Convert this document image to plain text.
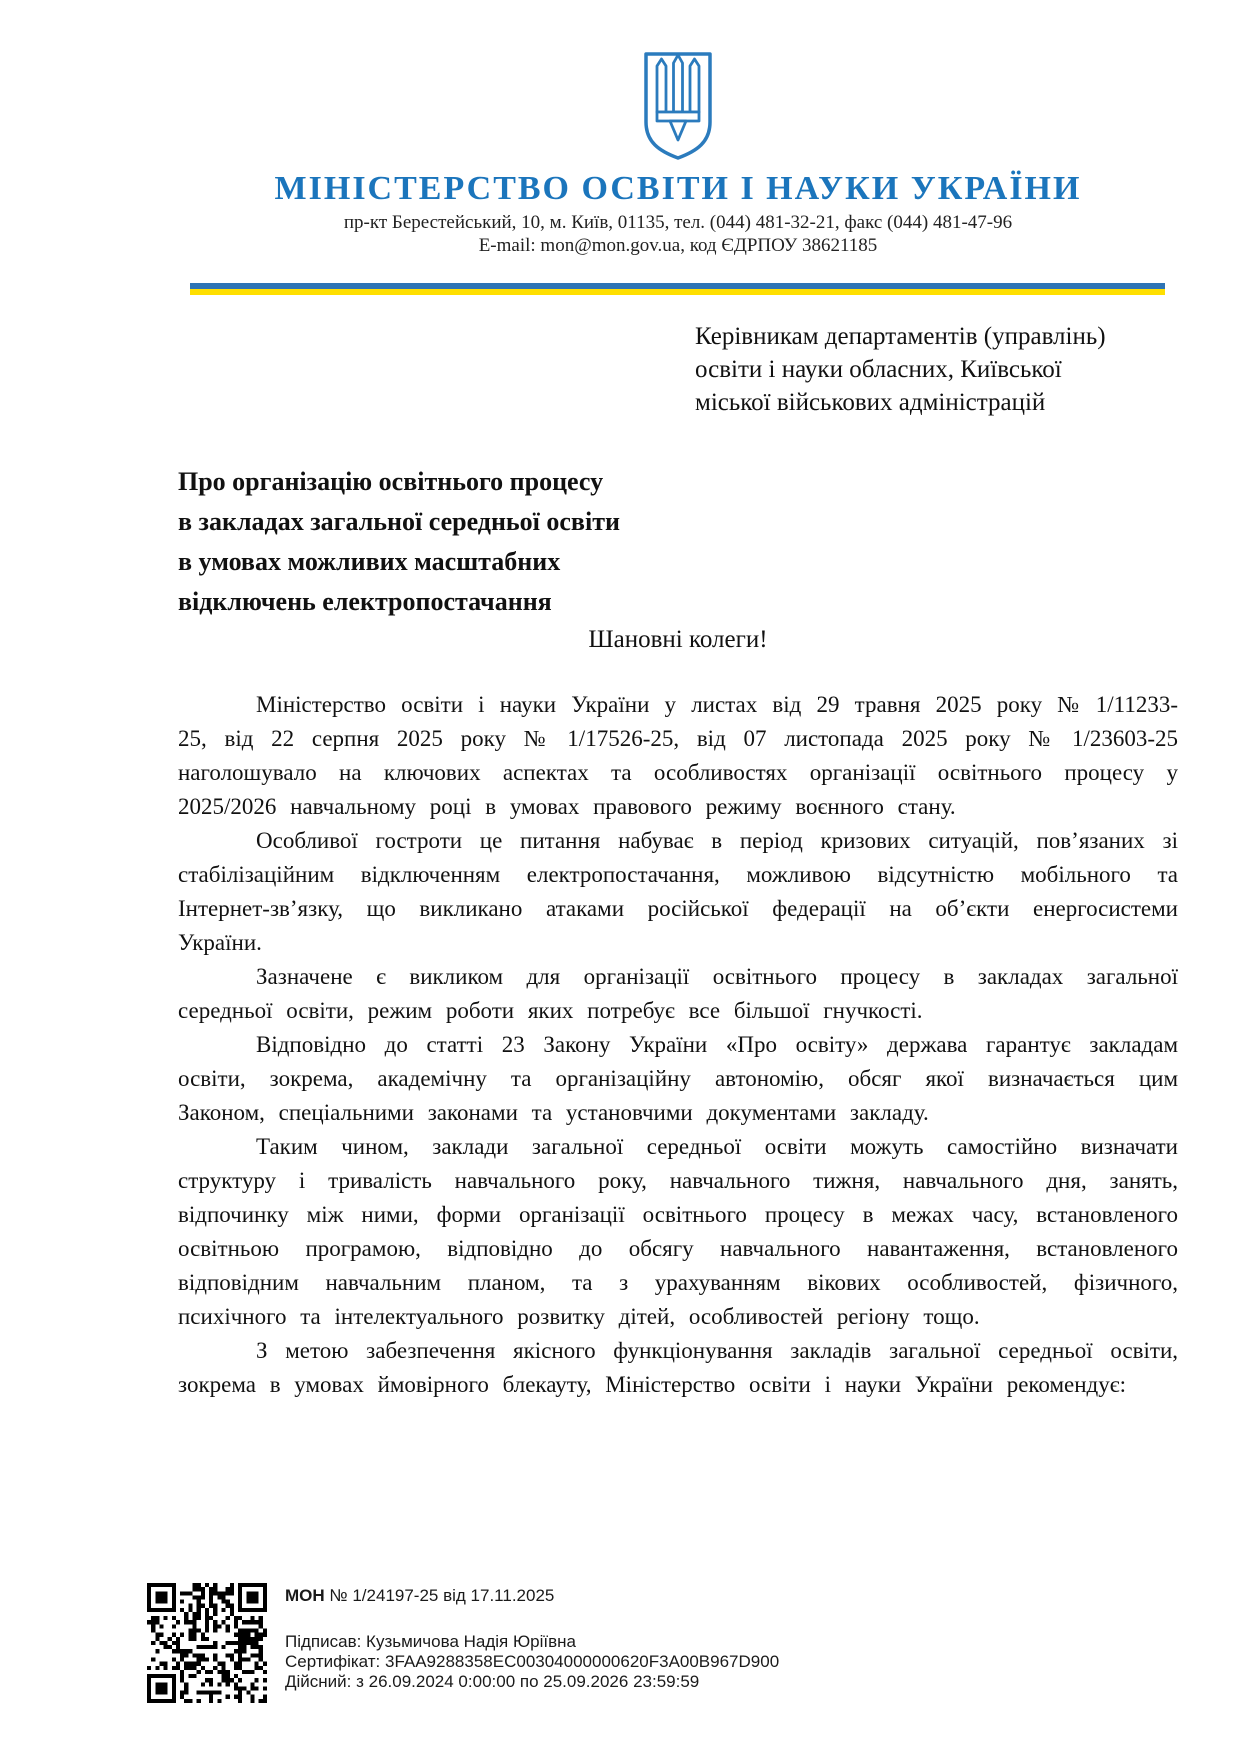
МІНІСТЕРСТВО ОСВІТИ І НАУКИ УКРАЇНИ
пр-кт Берестейський, 10, м. Київ, 01135, тел. (044) 481-32-21, факс (044) 481-47-96
E-mail: mon@mon.gov.ua, код ЄДРПОУ 38621185
Керівникам департаментів (управлінь)
освіти і науки обласних, Київської
міської військових адміністрацій
Про організацію освітнього процесу
в закладах загальної середньої освіти
в умовах можливих масштабних
відключень електропостачання
Шановні колеги!

Міністерство освіти і науки України у листах від 29 травня 2025 року № 1/11233-25, від 22 серпня 2025 року № 1/17526-25, від 07 листопада 2025 року № 1/23603-25 наголошувало на ключових аспектах та особливостях організації освітнього процесу у 2025/2026 навчальному році в умовах правового режиму воєнного стану.

Особливої гостроти це питання набуває в період кризових ситуацій, пов’язаних зі стабілізаційним відключенням електропостачання, можливою відсутністю мобільного та Інтернет-зв’язку, що викликано атаками російської федерації на об’єкти енергосистеми України.

Зазначене є викликом для організації освітнього процесу в закладах загальної середньої освіти, режим роботи яких потребує все більшої гнучкості.

Відповідно до статті 23 Закону України «Про освіту» держава гарантує закладам освіти, зокрема, академічну та організаційну автономію, обсяг якої визначається цим Законом, спеціальними законами та установчими документами закладу.

Таким чином, заклади загальної середньої освіти можуть самостійно визначати структуру і тривалість навчального року, навчального тижня, навчального дня, занять, відпочинку між ними, форми організації освітнього процесу в межах часу, встановленого освітньою програмою, відповідно до обсягу навчального навантаження, встановленого відповідним навчальним планом, та з урахуванням вікових особливостей, фізичного, психічного та інтелектуального розвитку дітей, особливостей регіону тощо.

З метою забезпечення якісного функціонування закладів загальної середньої освіти, зокрема в умовах ймовірного блекауту, Міністерство освіти і науки України рекомендує:

МОН № 1/24197-25 від 17.11.2025
Підписав: Кузьмичова Надія Юріївна
Сертифікат: 3FAA9288358EC00304000000620F3A00B967D900
Дійсний: з 26.09.2024 0:00:00 по 25.09.2026 23:59:59
